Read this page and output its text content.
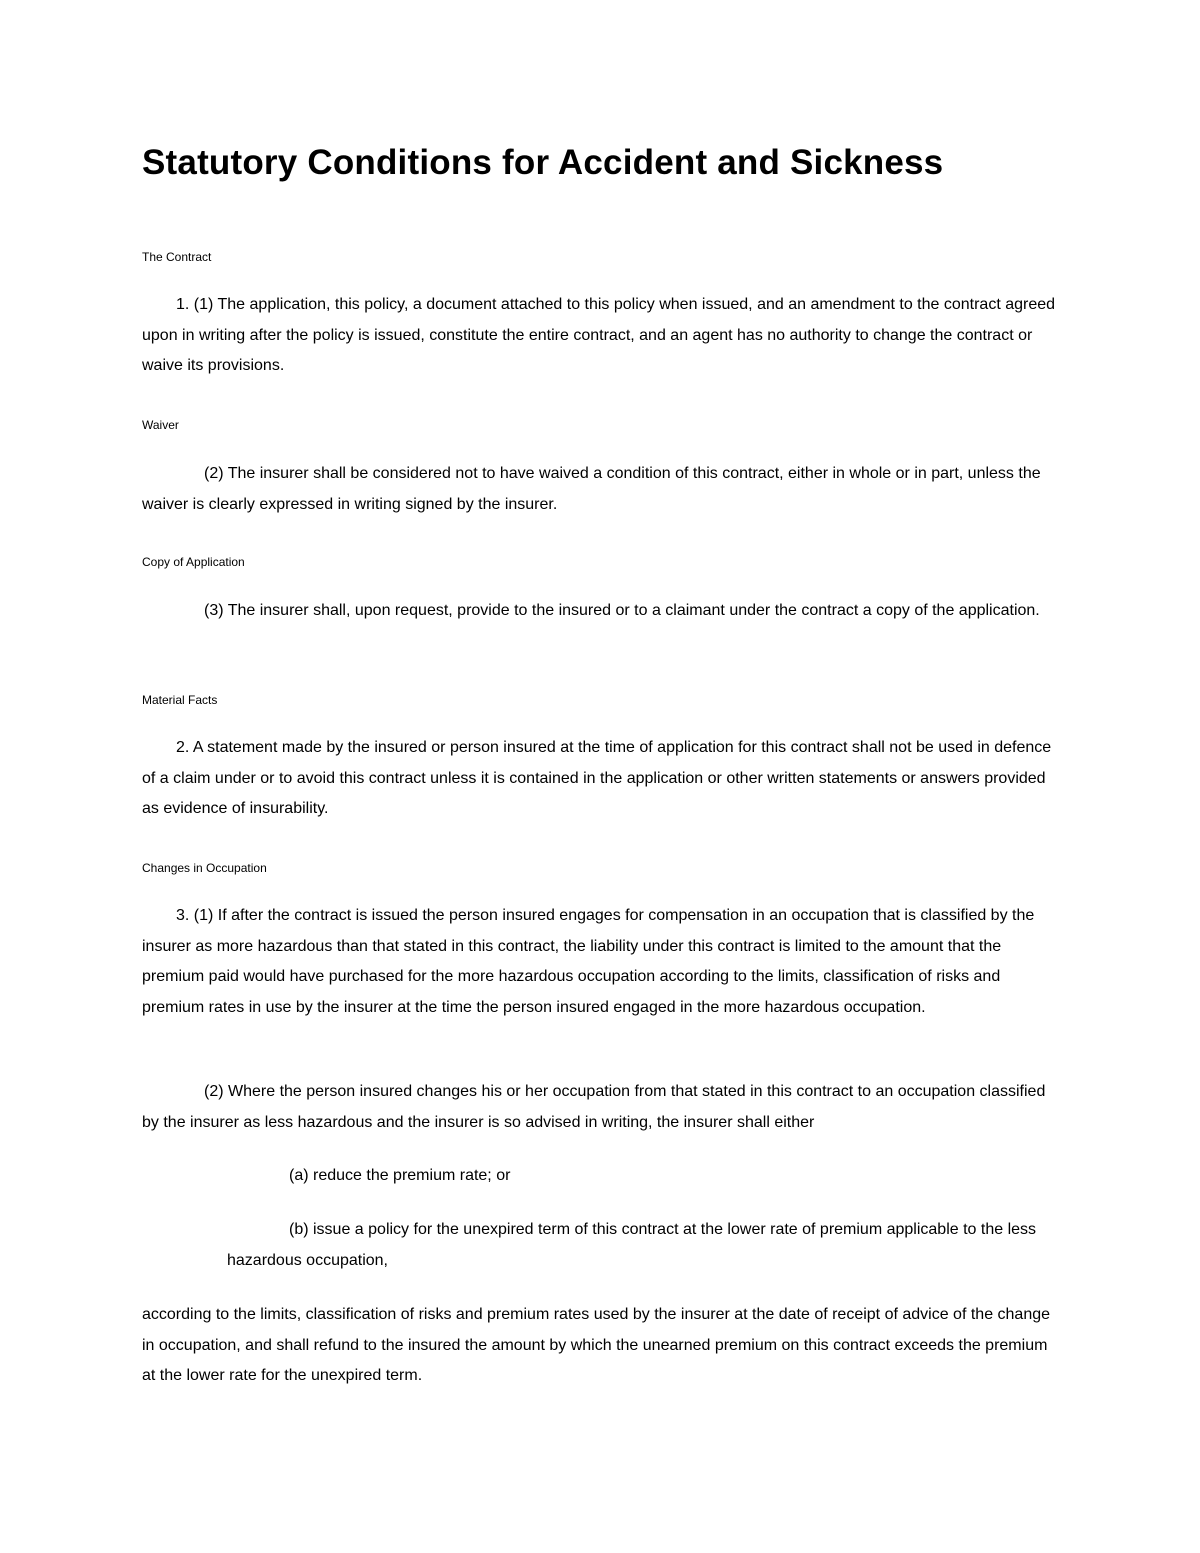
Statutory Conditions for Accident and Sickness
The Contract

1. (1) The application, this policy, a document attached to this policy when issued, and an amendment to the contract agreed upon in writing after the policy is issued, constitute the entire contract, and an agent has no authority to change the contract or waive its provisions.

Waiver

(2) The insurer shall be considered not to have waived a condition of this contract, either in whole or in part, unless the waiver is clearly expressed in writing signed by the insurer.

Copy of Application

(3) The insurer shall, upon request, provide to the insured or to a claimant under the contract a copy of the application.

Material Facts

2. A statement made by the insured or person insured at the time of application for this contract shall not be used in defence of a claim under or to avoid this contract unless it is contained in the application or other written statements or answers provided as evidence of insurability.

Changes in Occupation

3. (1) If after the contract is issued the person insured engages for compensation in an occupation that is classified by the insurer as more hazardous than that stated in this contract, the liability under this contract is limited to the amount that the premium paid would have purchased for the more hazardous occupation according to the limits, classification of risks and premium rates in use by the insurer at the time the person insured engaged in the more hazardous occupation.

(2) Where the person insured changes his or her occupation from that stated in this contract to an occupation classified by the insurer as less hazardous and the insurer is so advised in writing, the insurer shall either

(a) reduce the premium rate; or

(b) issue a policy for the unexpired term of this contract at the lower rate of premium applicable to the less hazardous occupation,

according to the limits, classification of risks and premium rates used by the insurer at the date of receipt of advice of the change in occupation, and shall refund to the insured the amount by which the unearned premium on this contract exceeds the premium at the lower rate for the unexpired term.
